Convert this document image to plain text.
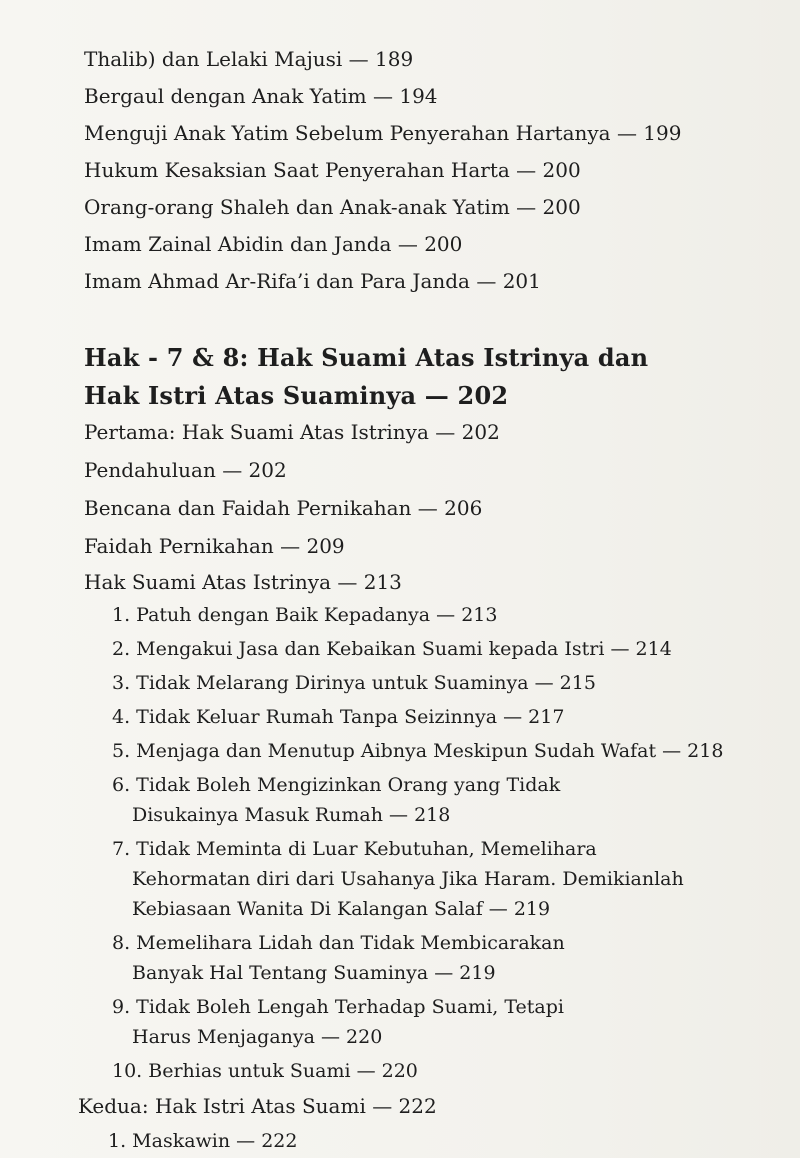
Thalib) dan Lelaki Majusi — 189
Bergaul dengan Anak Yatim — 194
Menguji Anak Yatim Sebelum Penyerahan Hartanya — 199
Hukum Kesaksian Saat Penyerahan Harta — 200
Orang-orang Shaleh dan Anak-anak Yatim — 200
Imam Zainal Abidin dan Janda — 200
Imam Ahmad Ar-Rifa’i dan Para Janda — 201
Hak - 7 & 8: Hak Suami Atas Istrinya dan
Hak Istri Atas Suaminya — 202
Pertama: Hak Suami Atas Istrinya — 202
Pendahuluan — 202
Bencana dan Faidah Pernikahan — 206
Faidah Pernikahan — 209
Hak Suami Atas Istrinya — 213
1. Patuh dengan Baik Kepadanya — 213
2. Mengakui Jasa dan Kebaikan Suami kepada Istri — 214
3. Tidak Melarang Dirinya untuk Suaminya — 215
4. Tidak Keluar Rumah Tanpa Seizinnya — 217
5. Menjaga dan Menutup Aibnya Meskipun Sudah Wafat — 218
6. Tidak Boleh Mengizinkan Orang yang Tidak
Disukainya Masuk Rumah — 218
7. Tidak Meminta di Luar Kebutuhan, Memelihara
Kehormatan diri dari Usahanya Jika Haram. Demikianlah
Kebiasaan Wanita Di Kalangan Salaf — 219
8. Memelihara Lidah dan Tidak Membicarakan
Banyak Hal Tentang Suaminya — 219
9. Tidak Boleh Lengah Terhadap Suami, Tetapi
Harus Menjaganya — 220
10. Berhias untuk Suami — 220
Kedua: Hak Istri Atas Suami — 222
1. Maskawin — 222
